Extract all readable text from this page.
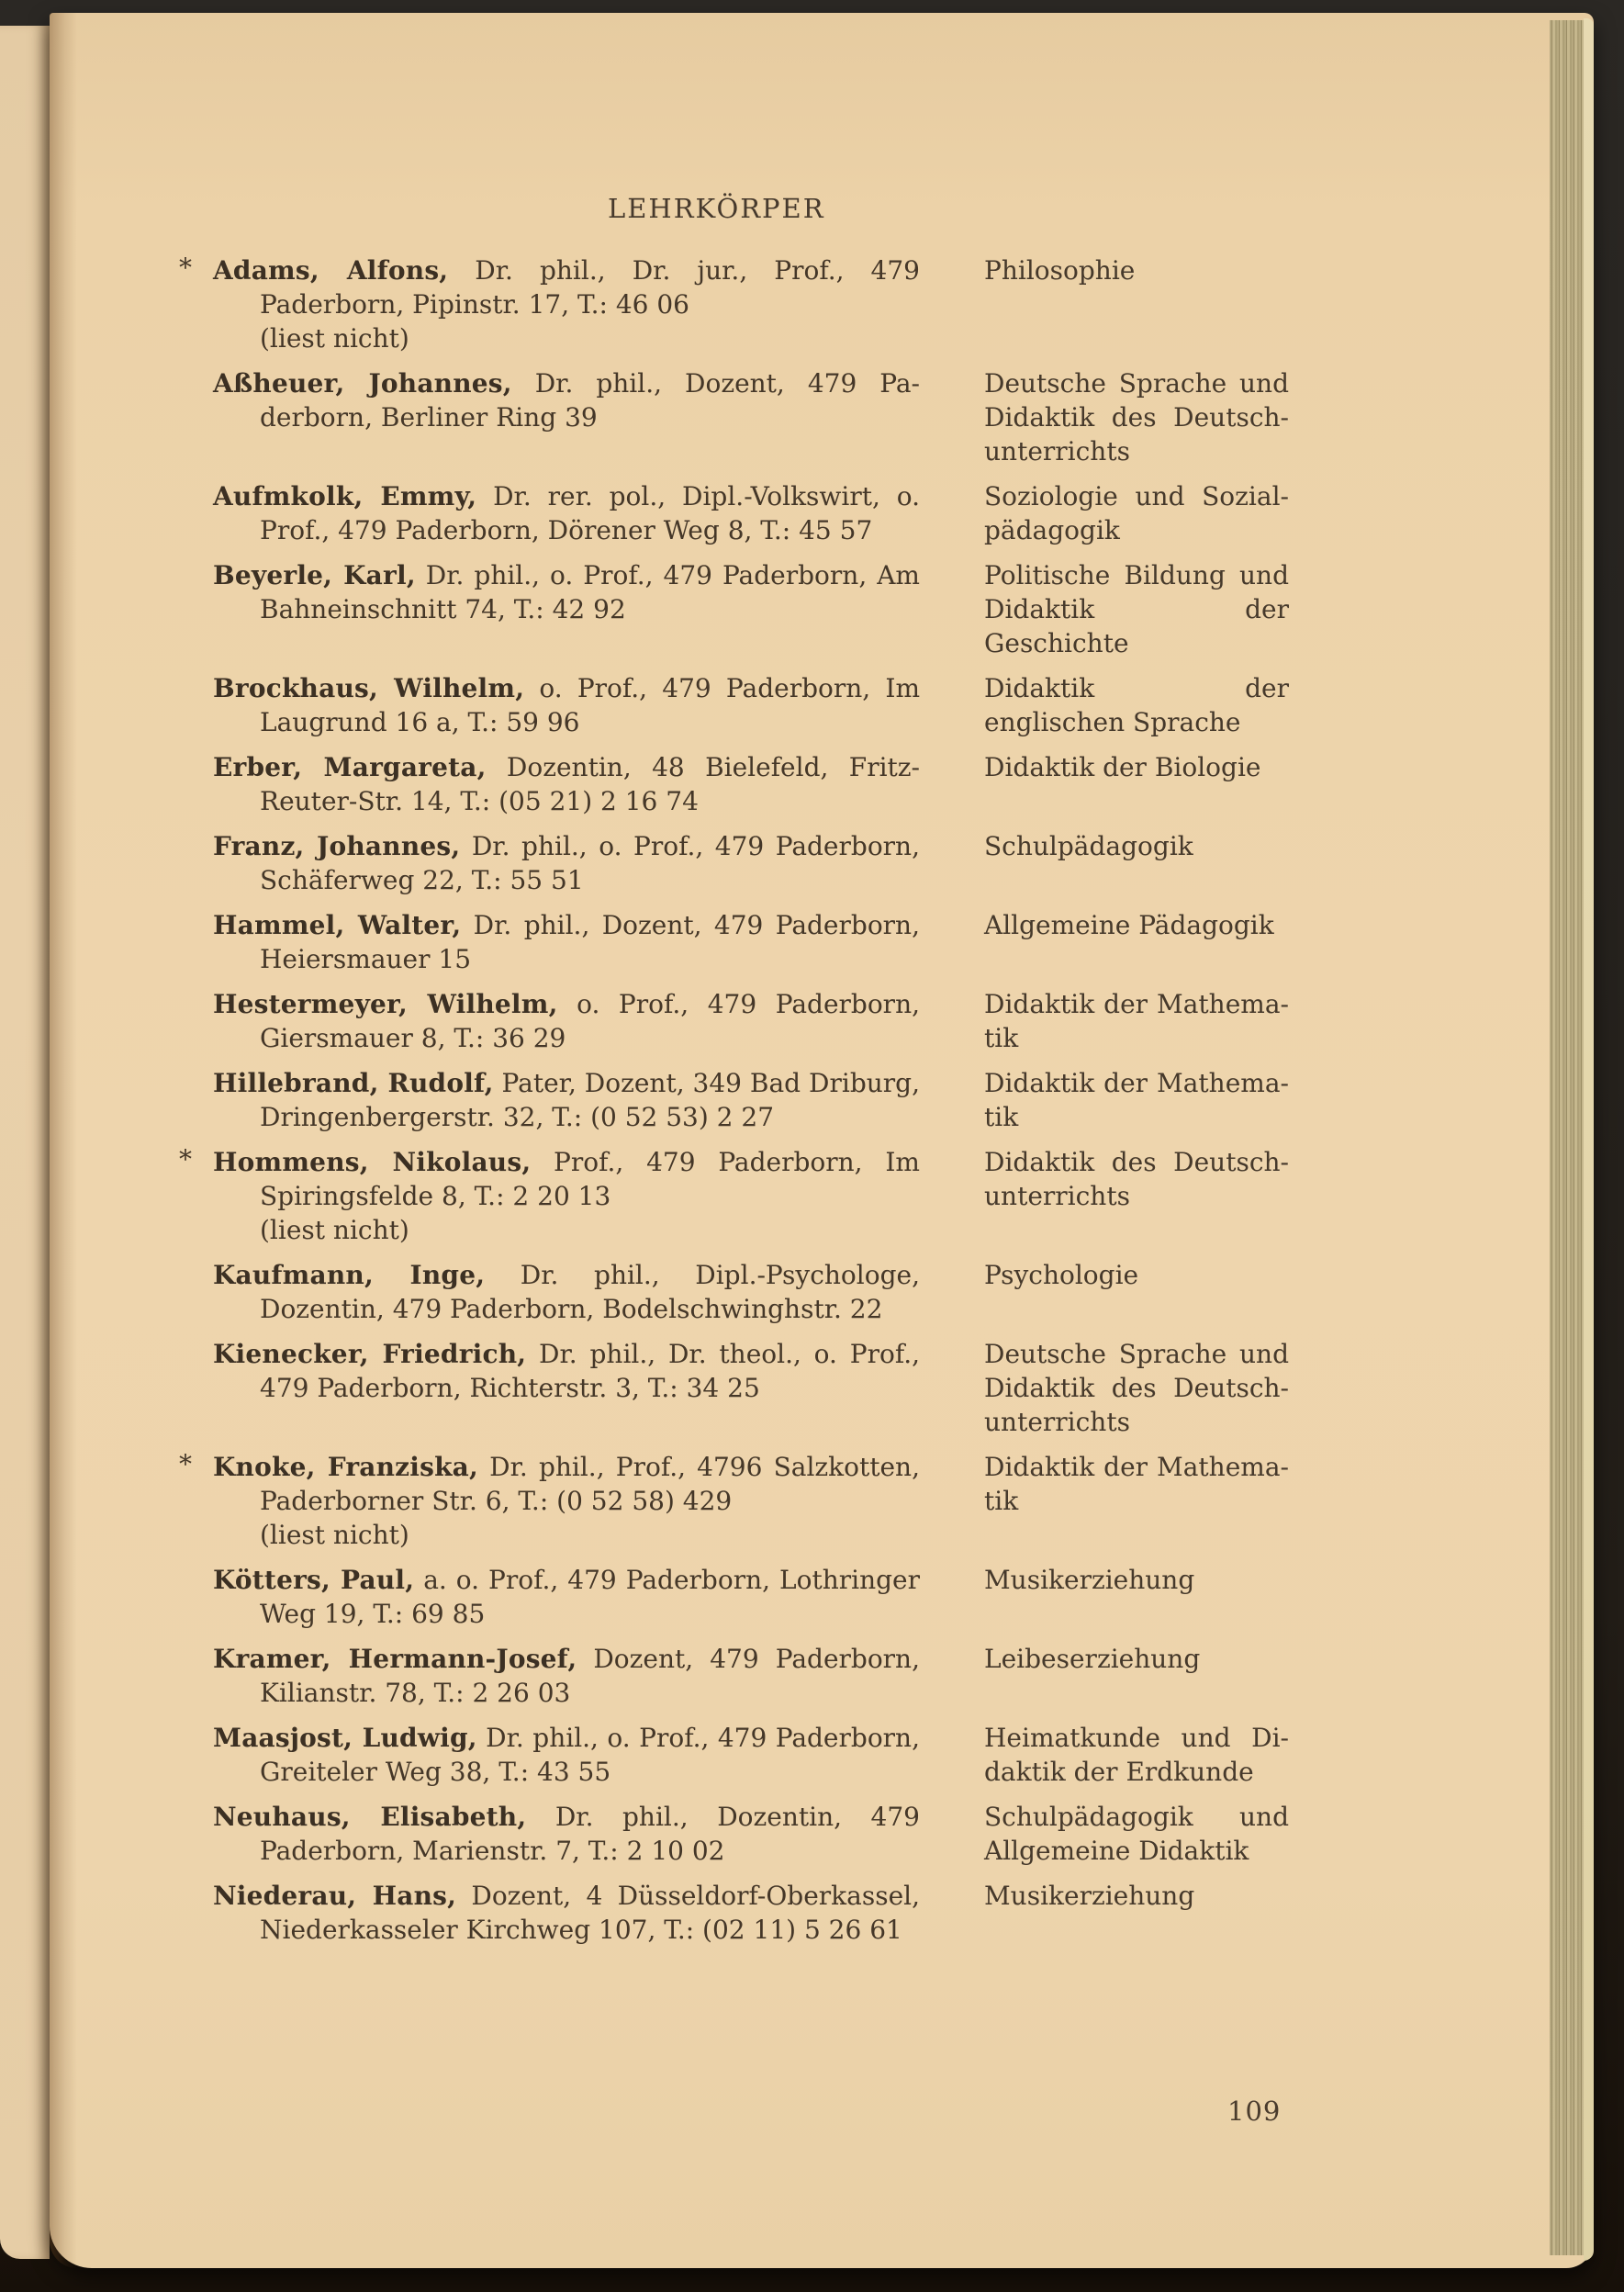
LEHRKÖRPER
* Adams, Alfons, Dr. phil., Dr. jur., Prof., 479 Paderborn, Pipinstr. 17, T.: 46 06
(liest nicht)
Philosophie
Aßheuer, Johannes, Dr. phil., Dozent, 479 Paderborn, Berliner Ring 39
Deutsche Sprache und Didaktik des Deutschunterrichts
Aufmkolk, Emmy, Dr. rer. pol., Dipl.-Volkswirt, o. Prof., 479 Paderborn, Dörener Weg 8, T.: 45 57
Soziologie und Sozialpädagogik
Beyerle, Karl, Dr. phil., o. Prof., 479 Paderborn, Am Bahneinschnitt 74, T.: 42 92
Politische Bildung und Didaktik der Geschichte
Brockhaus, Wilhelm, o. Prof., 479 Paderborn, Im Laugrund 16 a, T.: 59 96
Didaktik der englischen Sprache
Erber, Margareta, Dozentin, 48 Bielefeld, Fritz-Reuter-Str. 14, T.: (05 21) 2 16 74
Didaktik der Biologie
Franz, Johannes, Dr. phil., o. Prof., 479 Paderborn, Schäferweg 22, T.: 55 51
Schulpädagogik
Hammel, Walter, Dr. phil., Dozent, 479 Paderborn, Heiersmauer 15
Allgemeine Pädagogik
Hestermeyer, Wilhelm, o. Prof., 479 Paderborn, Giersmauer 8, T.: 36 29
Didaktik der Mathematik
Hillebrand, Rudolf, Pater, Dozent, 349 Bad Driburg, Dringenbergerstr. 32, T.: (0 52 53) 2 27
Didaktik der Mathematik
* Hommens, Nikolaus, Prof., 479 Paderborn, Im Spiringsfelde 8, T.: 2 20 13
(liest nicht)
Didaktik des Deutschunterrichts
Kaufmann, Inge, Dr. phil., Dipl.-Psychologe, Dozentin, 479 Paderborn, Bodelschwinghstr. 22
Psychologie
Kienecker, Friedrich, Dr. phil., Dr. theol., o. Prof., 479 Paderborn, Richterstr. 3, T.: 34 25
Deutsche Sprache und Didaktik des Deutschunterrichts
* Knoke, Franziska, Dr. phil., Prof., 4796 Salzkotten, Paderborner Str. 6, T.: (0 52 58) 429
(liest nicht)
Didaktik der Mathematik
Kötters, Paul, a. o. Prof., 479 Paderborn, Lothringer Weg 19, T.: 69 85
Musikerziehung
Kramer, Hermann-Josef, Dozent, 479 Paderborn, Kilianstr. 78, T.: 2 26 03
Leibeserziehung
Maasjost, Ludwig, Dr. phil., o. Prof., 479 Paderborn, Greiteler Weg 38, T.: 43 55
Heimatkunde und Didaktik der Erdkunde
Neuhaus, Elisabeth, Dr. phil., Dozentin, 479 Paderborn, Marienstr. 7, T.: 2 10 02
Schulpädagogik und Allgemeine Didaktik
Niederau, Hans, Dozent, 4 Düsseldorf-Oberkassel, Niederkasseler Kirchweg 107, T.: (02 11) 5 26 61
Musikerziehung
109
